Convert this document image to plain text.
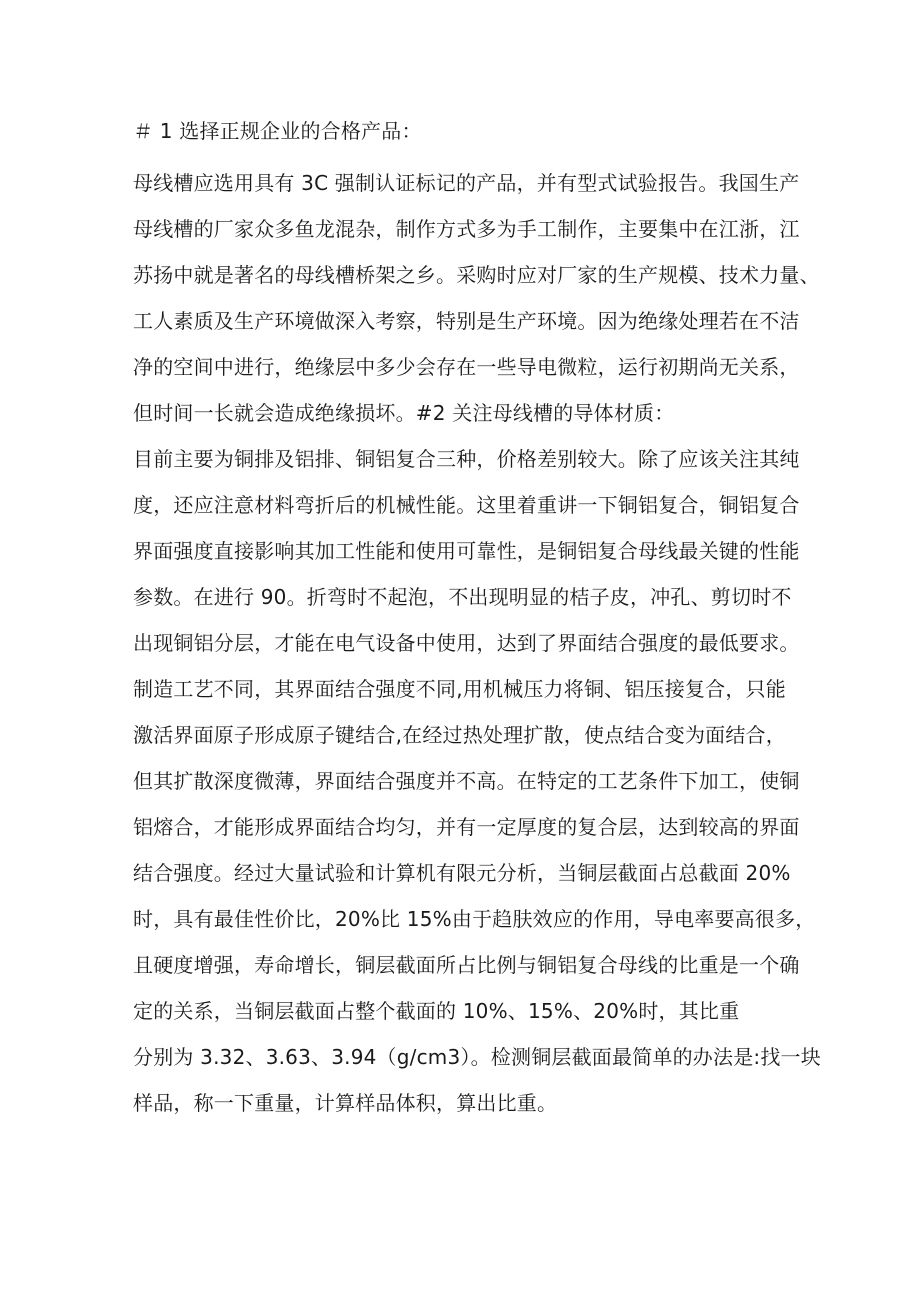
＃ 1 选择正规企业的合格产品：

母线槽应选用具有 3C 强制认证标记的产品，并有型式试验报告。我国生产

母线槽的厂家众多鱼龙混杂，制作方式多为手工制作，主要集中在江浙，江

苏扬中就是著名的母线槽桥架之乡。采购时应对厂家的生产规模、技术力量、

工人素质及生产环境做深入考察，特别是生产环境。因为绝缘处理若在不洁

净的空间中进行，绝缘层中多少会存在一些导电微粒，运行初期尚无关系，

但时间一长就会造成绝缘损坏。#2 关注母线槽的导体材质：

目前主要为铜排及铝排、铜铝复合三种，价格差别较大。除了应该关注其纯

度，还应注意材料弯折后的机械性能。这里着重讲一下铜铝复合，铜铝复合

界面强度直接影响其加工性能和使用可靠性，是铜铝复合母线最关键的性能

参数。在进行 90。折弯时不起泡，不出现明显的桔子皮，冲孔、剪切时不

出现铜铝分层，才能在电气设备中使用，达到了界面结合强度的最低要求。

制造工艺不同，其界面结合强度不同,用机械压力将铜、铝压接复合，只能

激活界面原子形成原子键结合,在经过热处理扩散，使点结合变为面结合，

但其扩散深度微薄，界面结合强度并不高。在特定的工艺条件下加工，使铜

铝熔合，才能形成界面结合均匀，并有一定厚度的复合层，达到较高的界面

结合强度。经过大量试验和计算机有限元分析，当铜层截面占总截面 20%

时，具有最佳性价比，20%比 15%由于趋肤效应的作用，导电率要高很多，

且硬度增强，寿命增长，铜层截面所占比例与铜铝复合母线的比重是一个确

定的关系，当铜层截面占整个截面的 10%、15%、20%时，其比重

分别为 3.32、3.63、3.94（g/cm3）。检测铜层截面最简单的办法是:找一块

样品，称一下重量，计算样品体积，算出比重。
